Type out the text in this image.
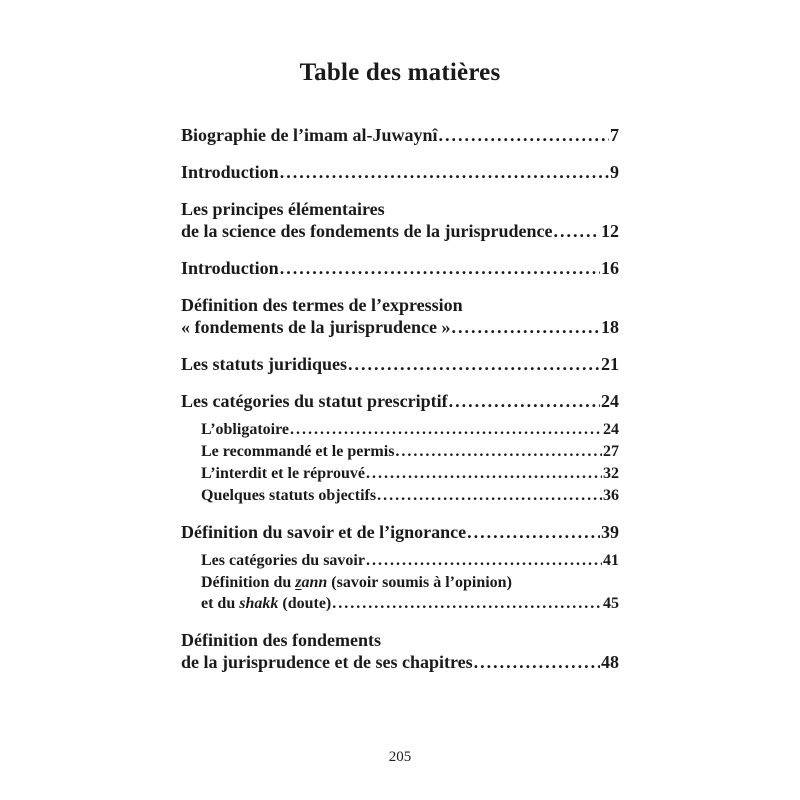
Table des matières
Biographie de l’imam al-Juwaynî .....	7
Introduction .....	9
Les principes élémentaires
de la science des fondements de la jurisprudence .....	12
Introduction .....	16
Définition des termes de l’expression
« fondements de la jurisprudence » .....	18
Les statuts juridiques .....	21
Les catégories du statut prescriptif .....	24
L’obligatoire .....	24
Le recommandé et le permis .....	27
L’interdit et le réprouvé .....	32
Quelques statuts objectifs .....	36
Définition du savoir et de l’ignorance .....	39
Les catégories du savoir .....	41
Définition du zann (savoir soumis à l’opinion)
et du shakk (doute) .....	45
Définition des fondements
de la jurisprudence et de ses chapitres .....	48
205
